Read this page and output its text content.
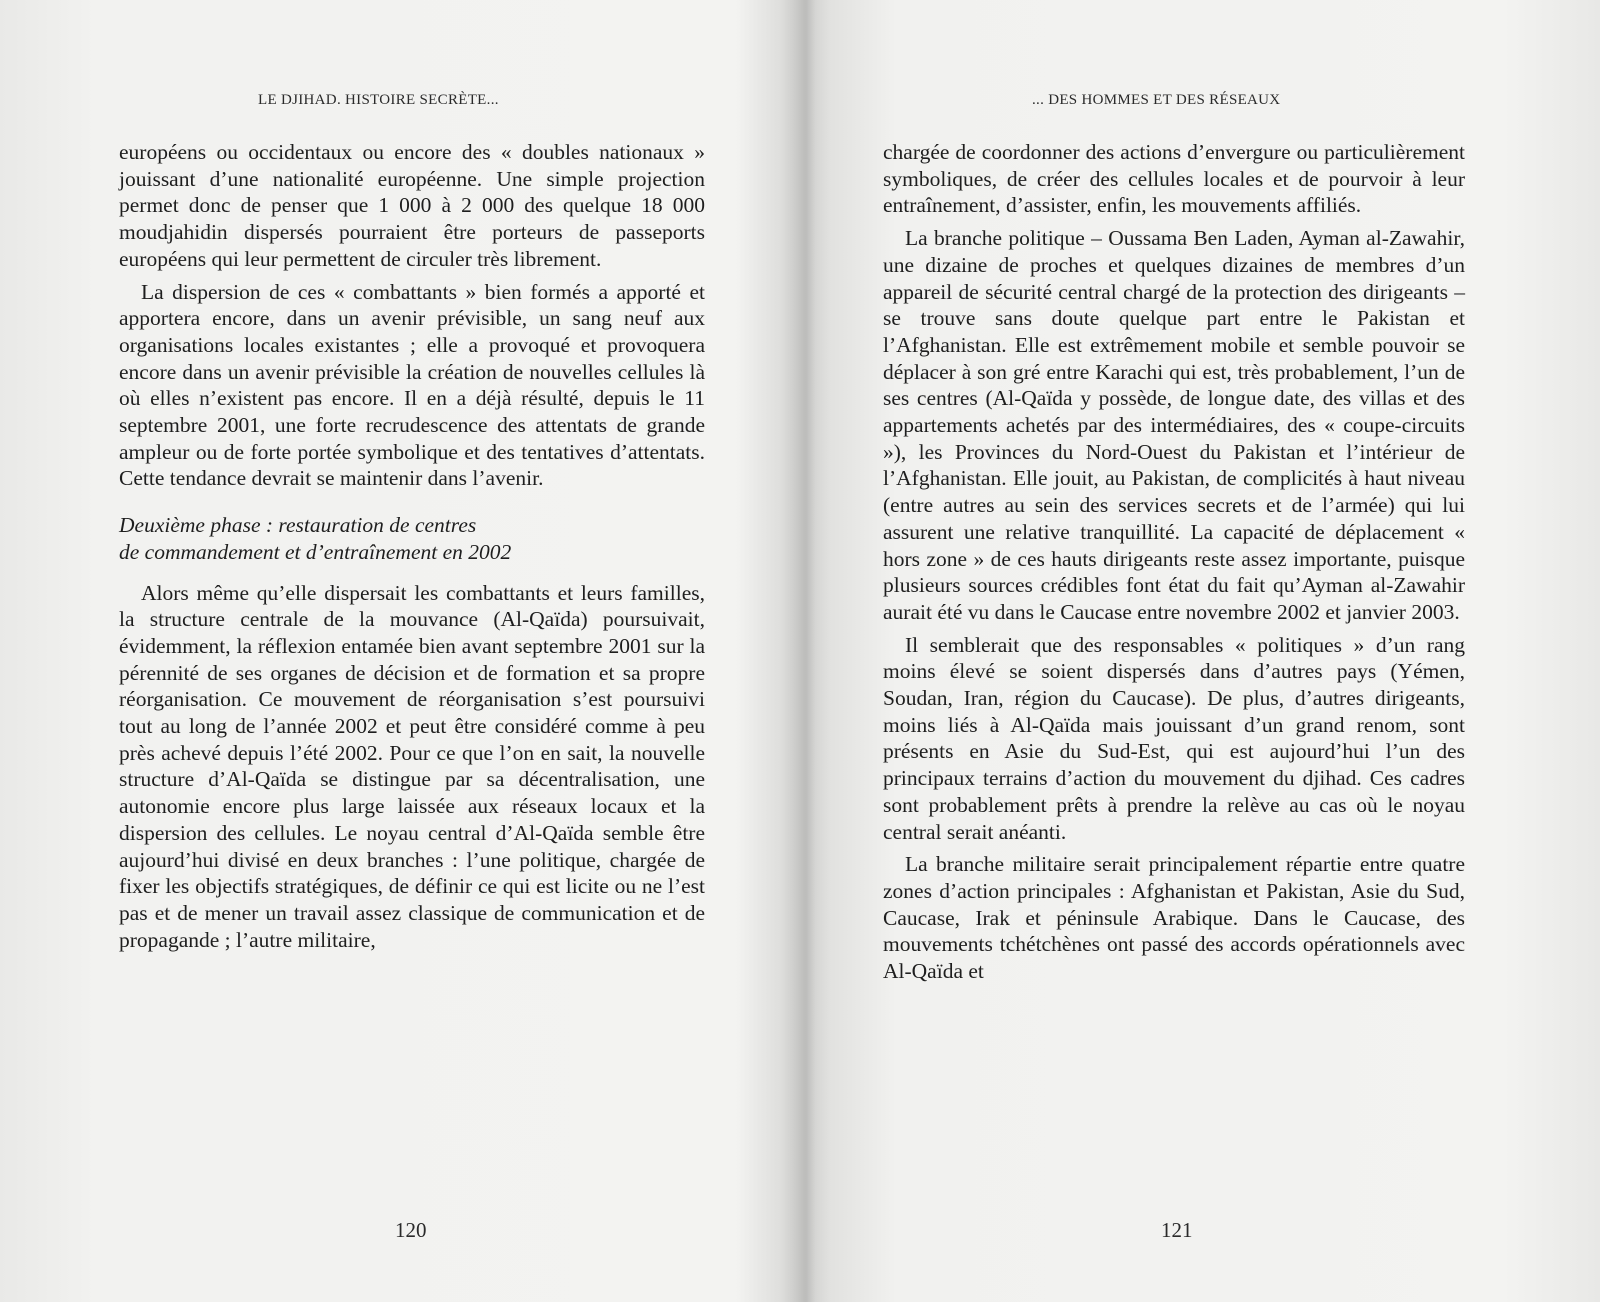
LE DJIHAD. HISTOIRE SECRÈTE...

européens ou occidentaux ou encore des « doubles nationaux » jouissant d’une nationalité européenne. Une simple projection permet donc de penser que 1 000 à 2 000 des quelque 18 000 moudjahidin dispersés pourraient être porteurs de passeports européens qui leur permettent de circuler très librement.

La dispersion de ces « combattants » bien formés a apporté et apportera encore, dans un avenir prévisible, un sang neuf aux organisations locales existantes ; elle a provoqué et provoquera encore dans un avenir prévisible la création de nouvelles cellules là où elles n’existent pas encore. Il en a déjà résulté, depuis le 11 septembre 2001, une forte recrudescence des attentats de grande ampleur ou de forte portée symbolique et des tentatives d’attentats. Cette tendance devrait se maintenir dans l’avenir.

Deuxième phase : restauration de centres
de commandement et d’entraînement en 2002

Alors même qu’elle dispersait les combattants et leurs familles, la structure centrale de la mouvance (Al-Qaïda) poursuivait, évidemment, la réflexion entamée bien avant septembre 2001 sur la pérennité de ses organes de décision et de formation et sa propre réorganisation. Ce mouvement de réorganisation s’est poursuivi tout au long de l’année 2002 et peut être considéré comme à peu près achevé depuis l’été 2002. Pour ce que l’on en sait, la nouvelle structure d’Al-Qaïda se distingue par sa décentralisation, une autonomie encore plus large laissée aux réseaux locaux et la dispersion des cellules. Le noyau central d’Al-Qaïda semble être aujourd’hui divisé en deux branches : l’une politique, chargée de fixer les objectifs stratégiques, de définir ce qui est licite ou ne l’est pas et de mener un travail assez classique de communication et de propagande ; l’autre militaire,

120
... DES HOMMES ET DES RÉSEAUX

chargée de coordonner des actions d’envergure ou particulièrement symboliques, de créer des cellules locales et de pourvoir à leur entraînement, d’assister, enfin, les mouvements affiliés.

La branche politique – Oussama Ben Laden, Ayman al-Zawahir, une dizaine de proches et quelques dizaines de membres d’un appareil de sécurité central chargé de la protection des dirigeants – se trouve sans doute quelque part entre le Pakistan et l’Afghanistan. Elle est extrêmement mobile et semble pouvoir se déplacer à son gré entre Karachi qui est, très probablement, l’un de ses centres (Al-Qaïda y possède, de longue date, des villas et des appartements achetés par des intermédiaires, des « coupe-circuits »), les Provinces du Nord-Ouest du Pakistan et l’intérieur de l’Afghanistan. Elle jouit, au Pakistan, de complicités à haut niveau (entre autres au sein des services secrets et de l’armée) qui lui assurent une relative tranquillité. La capacité de déplacement « hors zone » de ces hauts dirigeants reste assez importante, puisque plusieurs sources crédibles font état du fait qu’Ayman al-Zawahir aurait été vu dans le Caucase entre novembre 2002 et janvier 2003.

Il semblerait que des responsables « politiques » d’un rang moins élevé se soient dispersés dans d’autres pays (Yémen, Soudan, Iran, région du Caucase). De plus, d’autres dirigeants, moins liés à Al-Qaïda mais jouissant d’un grand renom, sont présents en Asie du Sud-Est, qui est aujourd’hui l’un des principaux terrains d’action du mouvement du djihad. Ces cadres sont probablement prêts à prendre la relève au cas où le noyau central serait anéanti.

La branche militaire serait principalement répartie entre quatre zones d’action principales : Afghanistan et Pakistan, Asie du Sud, Caucase, Irak et péninsule Arabique. Dans le Caucase, des mouvements tchétchènes ont passé des accords opérationnels avec Al-Qaïda et

121
